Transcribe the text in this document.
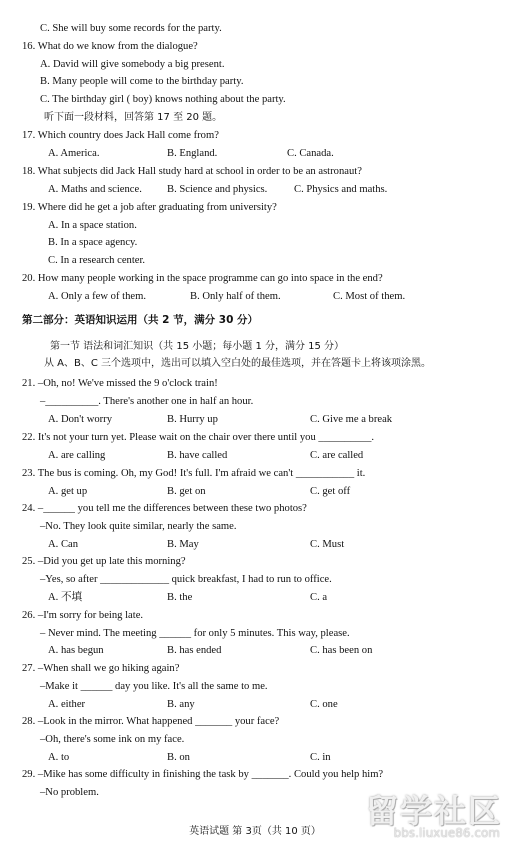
C. She will buy some records for the party.
16. What do we know from the dialogue?
A. David will give somebody a big present.
B. Many people will come to the birthday party.
C. The birthday girl ( boy) knows nothing about the party.
听下面一段材料，回答第 17 至 20 题。
17. Which country does Jack Hall come from?
A. America.	B. England.	C. Canada.
18. What subjects did Jack Hall study hard at school in order to be an astronaut?
A. Maths and science. B. Science and physics.	C. Physics and maths.
19. Where did he get a job after graduating from university?
A. In a space station.
B. In a space agency.
C. In a research center.
20. How many people working in the space programme can go into space in the end?
A. Only a few of them.	B. Only half of them.	C. Most of them.
第二部分：英语知识运用（共 2 节，满分 30 分）
第一节 语法和词汇知识（共 15 小题；每小题 1 分，满分 15 分）
从 A、B、C 三个选项中，选出可以填入空白处的最佳选项，并在答题卡上将该项涂黑。
21. –Oh, no! We've missed the 9 o'clock train!
–__________. There's another one in half an hour.
A. Don't worry	B. Hurry up	C. Give me a break
22. It's not your turn yet. Please wait on the chair over there until you __________.
A. are calling	B. have called	C. are called
23. The bus is coming. Oh, my God! It's full. I'm afraid we can't ___________ it.
A. get up	B. get on	C. get off
24. –______ you tell me the differences between these two photos?
–No. They look quite similar, nearly the same.
A. Can	B. May	C. Must
25. –Did you get up late this morning?
–Yes, so after _____________ quick breakfast, I had to run to office.
A. 不填	B. the	C. a
26. –I'm sorry for being late.
– Never mind. The meeting ______ for only 5 minutes. This way, please.
A. has begun	B. has ended	C. has been on
27. –When shall we go hiking again?
–Make it ______ day you like. It's all the same to me.
A. either	B. any	C. one
28. –Look in the mirror. What happened _______ your face?
–Oh, there's some ink on my face.
A. to	B. on	C. in
29. –Mike has some difficulty in finishing the task by _______. Could you help him?
–No problem.
英语试题 第 3页（共 10 页）
留学社区
bbs.liuxue86.com
